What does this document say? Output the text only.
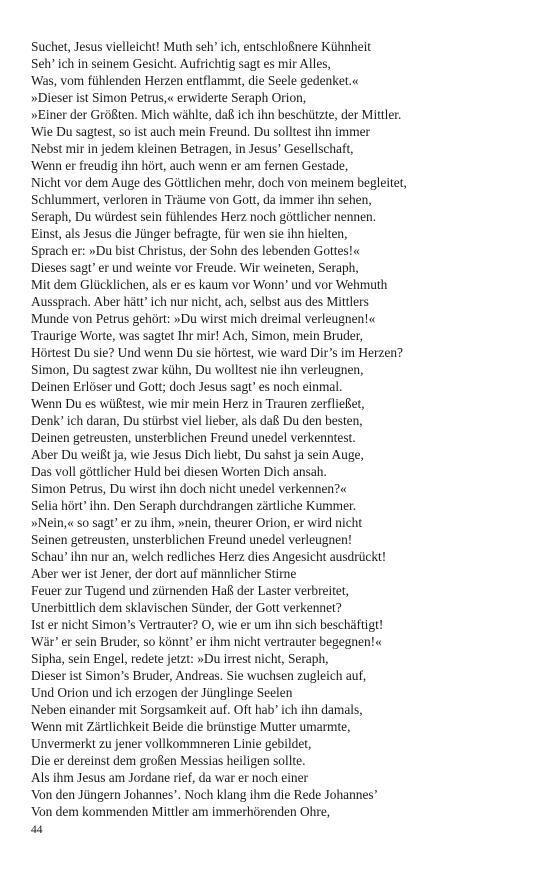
Suchet, Jesus vielleicht! Muth seh’ ich, entschloßnere Kühnheit
Seh’ ich in seinem Gesicht. Aufrichtig sagt es mir Alles,
Was, vom fühlenden Herzen entflammt, die Seele gedenket.«
»Dieser ist Simon Petrus,« erwiderte Seraph Orion,
»Einer der Größten. Mich wählte, daß ich ihn beschützte, der Mittler.
Wie Du sagtest, so ist auch mein Freund. Du solltest ihn immer
Nebst mir in jedem kleinen Betragen, in Jesus’ Gesellschaft,
Wenn er freudig ihn hört, auch wenn er am fernen Gestade,
Nicht vor dem Auge des Göttlichen mehr, doch von meinem begleitet,
Schlummert, verloren in Träume von Gott, da immer ihn sehen,
Seraph, Du würdest sein fühlendes Herz noch göttlicher nennen.
Einst, als Jesus die Jünger befragte, für wen sie ihn hielten,
Sprach er: »Du bist Christus, der Sohn des lebenden Gottes!«
Dieses sagt’ er und weinte vor Freude. Wir weineten, Seraph,
Mit dem Glücklichen, als er es kaum vor Wonn’ und vor Wehmuth
Aussprach. Aber hätt’ ich nur nicht, ach, selbst aus des Mittlers
Munde von Petrus gehört: »Du wirst mich dreimal verleugnen!«
Traurige Worte, was sagtet Ihr mir! Ach, Simon, mein Bruder,
Hörtest Du sie? Und wenn Du sie hörtest, wie ward Dir’s im Herzen?
Simon, Du sagtest zwar kühn, Du wolltest nie ihn verleugnen,
Deinen Erlöser und Gott; doch Jesus sagt’ es noch einmal.
Wenn Du es wüßtest, wie mir mein Herz in Trauren zerfließet,
Denk’ ich daran, Du stürbst viel lieber, als daß Du den besten,
Deinen getreusten, unsterblichen Freund unedel verkenntest.
Aber Du weißt ja, wie Jesus Dich liebt, Du sahst ja sein Auge,
Das voll göttlicher Huld bei diesen Worten Dich ansah.
Simon Petrus, Du wirst ihn doch nicht unedel verkennen?«
Selia hört’ ihn. Den Seraph durchdrangen zärtliche Kummer.
»Nein,« so sagt’ er zu ihm, »nein, theurer Orion, er wird nicht
Seinen getreusten, unsterblichen Freund unedel verleugnen!
Schau’ ihn nur an, welch redliches Herz dies Angesicht ausdrückt!
Aber wer ist Jener, der dort auf männlicher Stirne
Feuer zur Tugend und zürnenden Haß der Laster verbreitet,
Unerbittlich dem sklavischen Sünder, der Gott verkennet?
Ist er nicht Simon’s Vertrauter? O, wie er um ihn sich beschäftigt!
Wär’ er sein Bruder, so könnt’ er ihm nicht vertrauter begegnen!«
Sipha, sein Engel, redete jetzt: »Du irrest nicht, Seraph,
Dieser ist Simon’s Bruder, Andreas. Sie wuchsen zugleich auf,
Und Orion und ich erzogen der Jünglinge Seelen
Neben einander mit Sorgsamkeit auf. Oft hab’ ich ihn damals,
Wenn mit Zärtlichkeit Beide die brünstige Mutter umarmte,
Unvermerkt zu jener vollkommneren Linie gebildet,
Die er dereinst dem großen Messias heiligen sollte.
Als ihm Jesus am Jordane rief, da war er noch einer
Von den Jüngern Johannes’. Noch klang ihm die Rede Johannes’
Von dem kommenden Mittler am immerhörenden Ohre,
44
